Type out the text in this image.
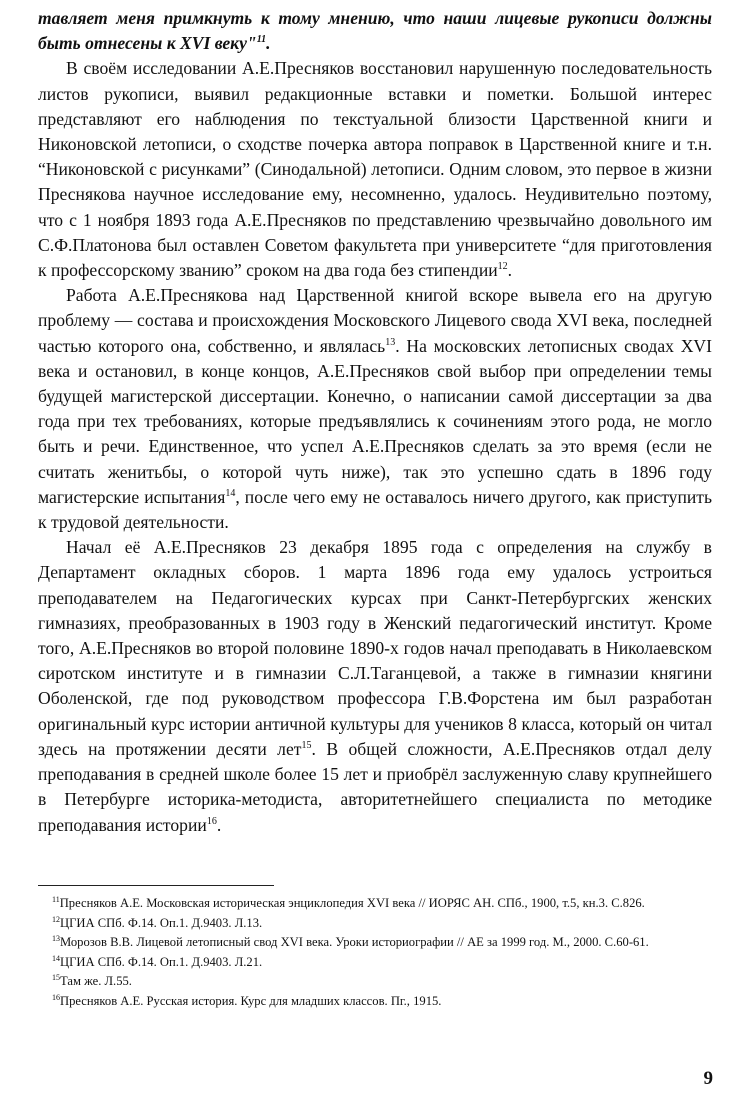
тавляет меня примкнуть к тому мнению, что наши лицевые рукописи должны быть отнесены к XVI веку"$^{11}$.

В своём исследовании А.Е.Пресняков восстановил нарушенную последовательность листов рукописи, выявил редакционные вставки и пометки. Большой интерес представляют его наблюдения по текстуальной близости Царственной книги и Никоновской летописи, о сходстве почерка автора поправок в Царственной книге и т.н. “Никоновской с рисунками” (Синодальной) летописи. Одним словом, это первое в жизни Преснякова научное исследование ему, несомненно, удалось. Неудивительно поэтому, что с 1 ноября 1893 года А.Е.Пресняков по представлению чрезвычайно довольного им С.Ф.Платонова был оставлен Советом факультета при университете “для приготовления к профессорскому званию” сроком на два года без стипендии$^{12}$.

Работа А.Е.Преснякова над Царственной книгой вскоре вывела его на другую проблему — состава и происхождения Московского Лицевого свода XVI века, последней частью которого она, собственно, и являлась$^{13}$. На московских летописных сводах XVI века и остановил, в конце концов, А.Е.Пресняков свой выбор при определении темы будущей магистерской диссертации. Конечно, о написании самой диссертации за два года при тех требованиях, которые предъявлялись к сочинениям этого рода, не могло быть и речи. Единственное, что успел А.Е.Пресняков сделать за это время (если не считать женитьбы, о которой чуть ниже), так это успешно сдать в 1896 году магистерские испытания$^{14}$, после чего ему не оставалось ничего другого, как приступить к трудовой деятельности.

Начал её А.Е.Пресняков 23 декабря 1895 года с определения на службу в Департамент окладных сборов. 1 марта 1896 года ему удалось устроиться преподавателем на Педагогических курсах при Санкт-Петербургских женских гимназиях, преобразованных в 1903 году в Женский педагогический институт. Кроме того, А.Е.Пресняков во второй половине 1890-х годов начал преподавать в Николаевском сиротском институте и в гимназии С.Л.Таганцевой, а также в гимназии княгини Оболенской, где под руководством профессора Г.В.Форстена им был разработан оригинальный курс истории античной культуры для учеников 8 класса, который он читал здесь на протяжении десяти лет$^{15}$. В общей сложности, А.Е.Пресняков отдал делу преподавания в средней школе более 15 лет и приобрёл заслуженную славу крупнейшего в Петербурге историка-методиста, авторитетнейшего специалиста по методике преподавания истории$^{16}$.

$^{11}$Пресняков А.Е. Московская историческая энциклопедия XVI века // ИОРЯС АН. СПб., 1900, т.5, кн.3. С.826.

$^{12}$ЦГИА СПб. Ф.14. Оп.1. Д.9403. Л.13.

$^{13}$Морозов В.В. Лицевой летописный свод XVI века. Уроки историографии // АЕ за 1999 год. М., 2000. С.60-61.

$^{14}$ЦГИА СПб. Ф.14. Оп.1. Д.9403. Л.21.

$^{15}$Там же. Л.55.

$^{16}$Пресняков А.Е. Русская история. Курс для младших классов. Пг., 1915.

9
